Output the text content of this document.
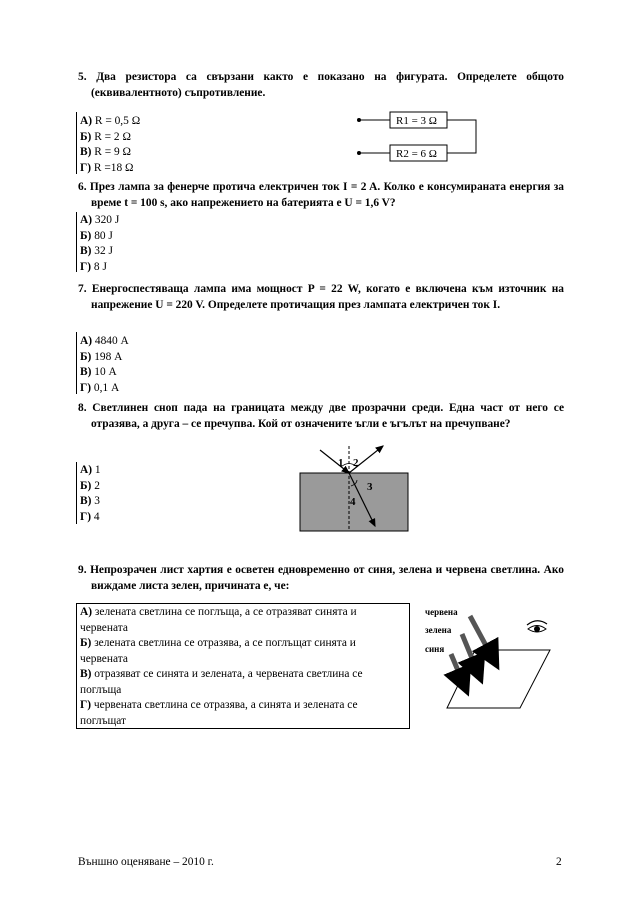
5. Два резистора са свързани както е показано на фигурата. Определете общото (еквивалентното) съпротивление.
А) R = 0,5 Ω
Б) R = 2 Ω
В) R = 9 Ω
Г) R =18 Ω
R1 = 3 Ω
R2 = 6 Ω
6. През лампа за фенерче протича електричен ток I = 2 A. Колко е консумираната енергия за време t = 100 s, ако напрежението на батерията е U = 1,6 V?
А) 320 J
Б) 80 J
В) 32 J
Г) 8 J
7. Енергоспестяваща лампа има мощност P = 22 W, когато е включена към източник на напрежение U = 220 V. Определете протичащия през лампата електричен ток I.
А) 4840 A
Б) 198 A
В) 10 A
Г) 0,1 A
8. Светлинен сноп пада на границата между две прозрачни среди. Една част от него се отразява, а друга – се пречупва. Кой от означените ъгли е ъгълът на пречупване?
А) 1
Б) 2
В) 3
Г) 4
1 2
3
4
9. Непрозрачен лист хартия е осветен едновременно от синя, зелена и червена светлина. Ако виждаме листа зелен, причината е, че:
А) зелената светлина се поглъща, а се отразяват синята и червената
Б) зелената светлина се отразява, а се поглъщат синята и червената
В) отразяват се синята и зелената, а червената светлина се поглъща
Г) червената светлина се отразява, а синята и зелената се поглъщат
червена
зелена
синя
Външно оценяване – 2010 г.	2
